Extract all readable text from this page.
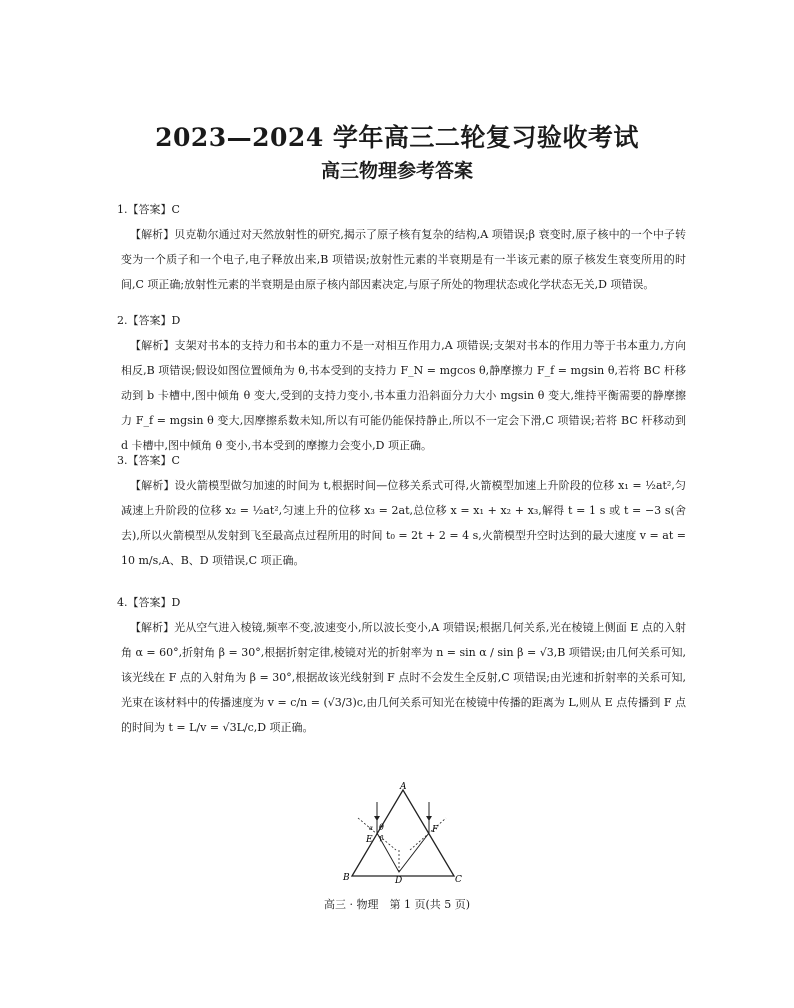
2023—2024 学年高三二轮复习验收考试
高三物理参考答案
1.【答案】C
【解析】贝克勒尔通过对天然放射性的研究,揭示了原子核有复杂的结构,A 项错误;β 衰变时,原子核中的一个中子转变为一个质子和一个电子,电子释放出来,B 项错误;放射性元素的半衰期是有一半该元素的原子核发生衰变所用的时间,C 项正确;放射性元素的半衰期是由原子核内部因素决定,与原子所处的物理状态或化学状态无关,D 项错误。
2.【答案】D
【解析】支架对书本的支持力和书本的重力不是一对相互作用力,A 项错误;支架对书本的作用力等于书本重力,方向相反,B 项错误;假设如图位置倾角为 θ,书本受到的支持力 F_N = mgcos θ,静摩擦力 F_f = mgsin θ,若将 BC 杆移动到 b 卡槽中,图中倾角 θ 变大,受到的支持力变小,书本重力沿斜面分力大小 mgsin θ 变大,维持平衡需要的静摩擦力 F_f = mgsin θ 变大,因摩擦系数未知,所以有可能仍能保持静止,所以不一定会下滑,C 项错误;若将 BC 杆移动到 d 卡槽中,图中倾角 θ 变小,书本受到的摩擦力会变小,D 项正确。
3.【答案】C
【解析】设火箭模型做匀加速的时间为 t,根据时间—位移关系式可得,火箭模型加速上升阶段的位移 x₁ = ½at²,匀减速上升阶段的位移 x₂ = ½at²,匀速上升的位移 x₃ = 2at,总位移 x = x₁ + x₂ + x₃,解得 t = 1 s 或 t = −3 s(舍去),所以火箭模型从发射到飞至最高点过程所用的时间 t₀ = 2t + 2 = 4 s,火箭模型升空时达到的最大速度 v = at = 10 m/s,A、B、D 项错误,C 项正确。
4.【答案】D
【解析】光从空气进入棱镜,频率不变,波速变小,所以波长变小,A 项错误;根据几何关系,光在棱镜上侧面 E 点的入射角 α = 60°,折射角 β = 30°,根据折射定律,棱镜对光的折射率为 n = sin α / sin β = √3,B 项错误;由几何关系可知,该光线在 F 点的入射角为 β = 30°,根据故该光线射到 F 点时不会发生全反射,C 项错误;由光速和折射率的关系可知,光束在该材料中的传播速度为 v = c/n = (√3/3)c,由几何关系可知光在棱镜中传播的距离为 L,则从 E 点传播到 F 点的时间为 t = L/v = √3L/c,D 项正确。
A
B	C
D
E
F
θ
α
β
高三 · 物理　第 1 页(共 5 页)
